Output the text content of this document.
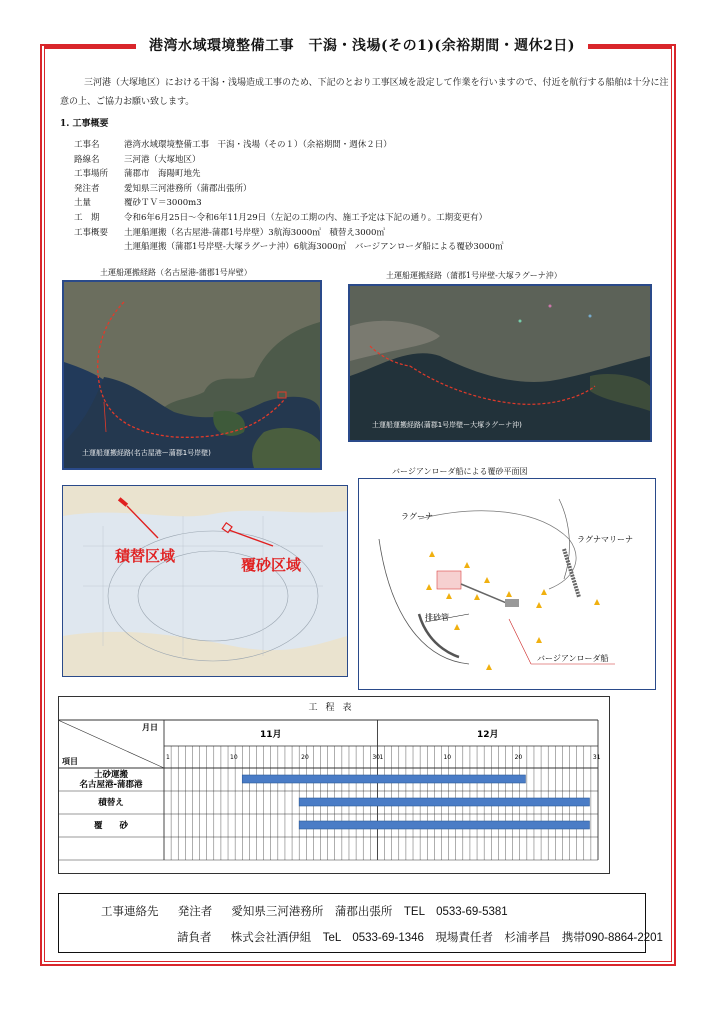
港湾水域環境整備工事　干潟・浅場(その1)(余裕期間・週休2日)
三河港（大塚地区）における干潟・浅場造成工事のため、下記のとおり工事区域を設定して作業を行いますので、付近を航行する船舶は十分に注意の上、ご協力お願い致します。
1. 工事概要
工事名	港湾水域環境整備工事　干潟・浅場（その１）（余裕期間・週休２日）
路線名	三河港（大塚地区）
工事場所	蒲郡市　海陽町地先
発注者	愛知県三河港務所（蒲郡出張所）
土量	覆砂ＴＶ＝3000m3
工　期	令和6年6月25日～令和6年11月29日（左記の工期の内、施工予定は下記の通り。工期変更有）
工事概要	土運船運搬（名古屋港-蒲郡1号岸壁）3航海3000㎥　積替え3000㎥
土運船運搬（蒲郡1号岸壁-大塚ラグーナ沖）6航海3000㎥　バージアンローダ船による覆砂3000㎥
土運船運搬経路（名古屋港-蒲郡1号岸壁）	土運船運搬経路（蒲郡1号岸壁-大塚ラグーナ沖）
バージアンローダ船による覆砂平面図
土運船運搬経路(名古屋港ー蒲郡1号岸壁)
土運船運搬経路(蒲郡1号岸壁ー大塚ラグーナ沖)
積替区域	覆砂区域
ラグーナ
ラグナマリーナ
排砂管
バージアンローダ船
工程表
月日
項目
11月	12月
1	10	20	30 1	10	20	31
土砂運搬
名古屋港-蒲郡港
積替え
覆　　砂
工事連絡先 発注者 愛知県三河港務所　蒲郡出張所　TEL　0533-69-5381
請負者 株式会社酒伊組　TeL　0533-69-1346　現場責任者　杉浦孝昌　携帯090-8864-2201
